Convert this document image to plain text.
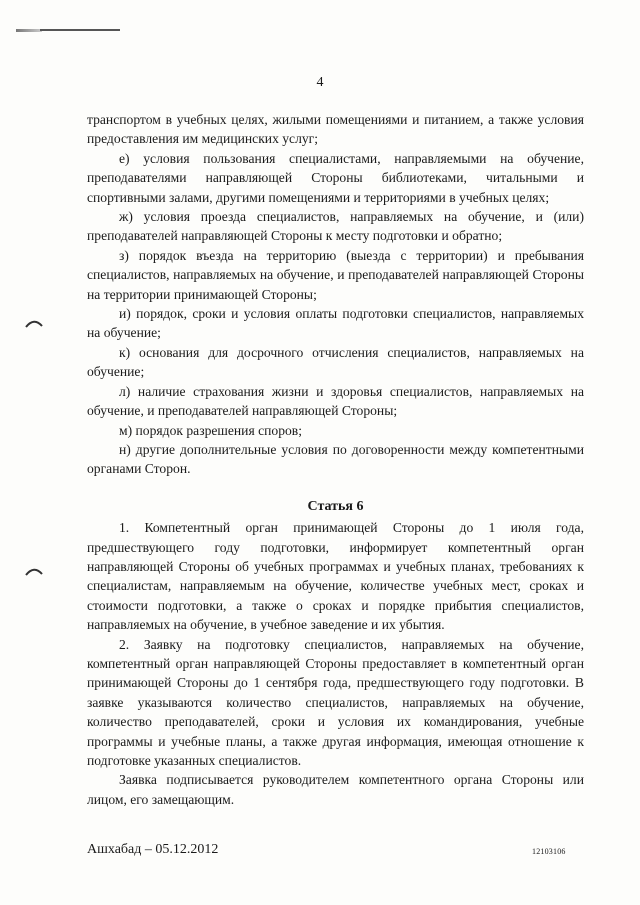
4

транспортом в учебных целях, жилыми помещениями и питанием, а также условия предоставления им медицинских услуг;

е) условия пользования специалистами, направляемыми на обучение, преподавателями направляющей Стороны библиотеками, читальными и спортивными залами, другими помещениями и территориями в учебных целях;

ж) условия проезда специалистов, направляемых на обучение, и (или) преподавателей направляющей Стороны к месту подготовки и обратно;

з) порядок въезда на территорию (выезда с территории) и пребывания специалистов, направляемых на обучение, и преподавателей направляющей Стороны на территории принимающей Стороны;

и) порядок, сроки и условия оплаты подготовки специалистов, направляемых на обучение;

к) основания для досрочного отчисления специалистов, направляемых на обучение;

л) наличие страхования жизни и здоровья специалистов, направляемых на обучение, и преподавателей направляющей Стороны;

м) порядок разрешения споров;

н) другие дополнительные условия по договоренности между компетентными органами Сторон.

Статья 6

1. Компетентный орган принимающей Стороны до 1 июля года, предшествующего году подготовки, информирует компетентный орган направляющей Стороны об учебных программах и учебных планах, требованиях к специалистам, направляемым на обучение, количестве учебных мест, сроках и стоимости подготовки, а также о сроках и порядке прибытия специалистов, направляемых на обучение, в учебное заведение и их убытия.

2. Заявку на подготовку специалистов, направляемых на обучение, компетентный орган направляющей Стороны предоставляет в компетентный орган принимающей Стороны до 1 сентября года, предшествующего году подготовки. В заявке указываются количество специалистов, направляемых на обучение, количество преподавателей, сроки и условия их командирования, учебные программы и учебные планы, а также другая информация, имеющая отношение к подготовке указанных специалистов.

Заявка подписывается руководителем компетентного органа Стороны или лицом, его замещающим.

Ашхабад – 05.12.2012	12103106
